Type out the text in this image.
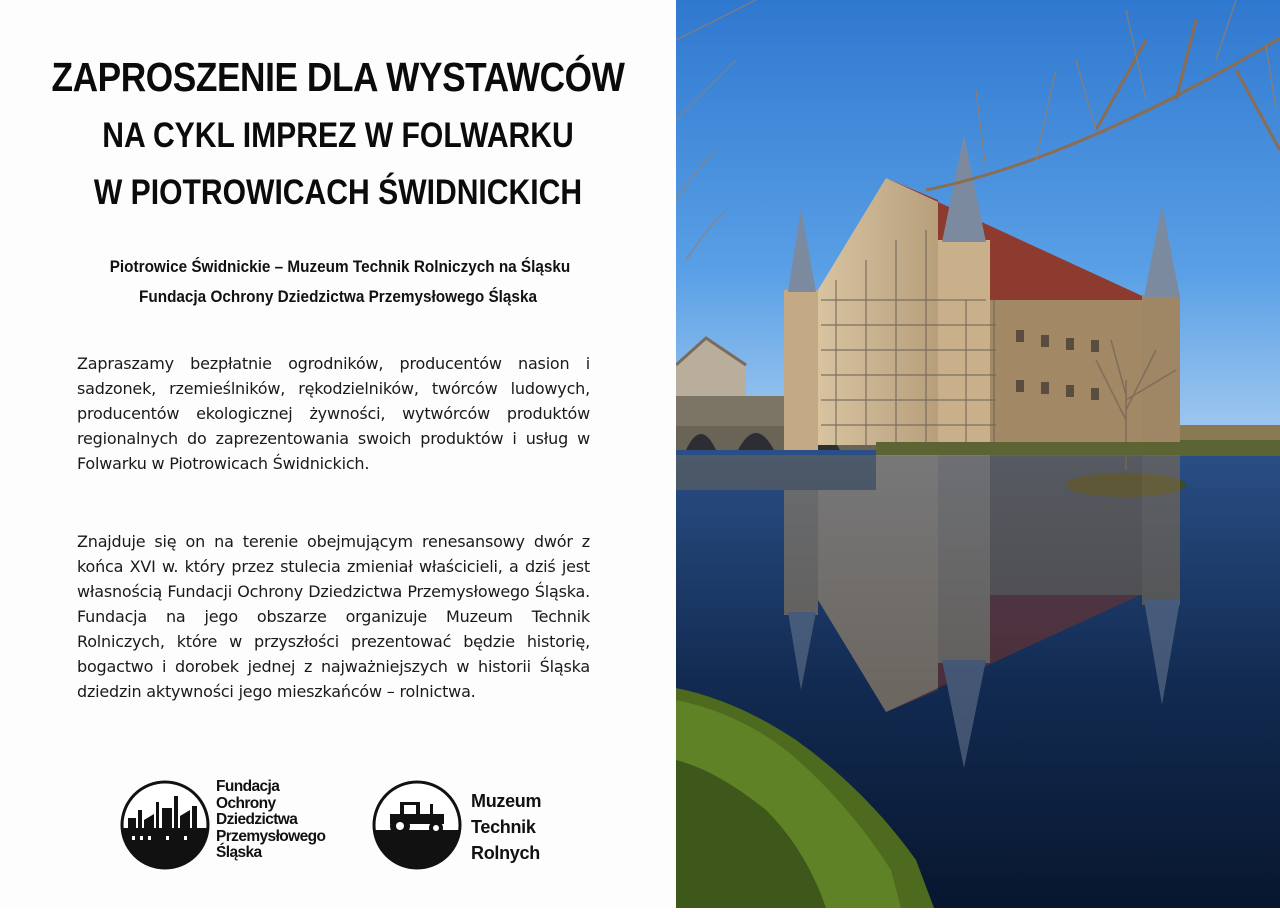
ZAPROSZENIE DLA WYSTAWCÓW
NA CYKL IMPREZ W FOLWARKU
W PIOTROWICACH ŚWIDNICKICH
Piotrowice Świdnickie – Muzeum Technik Rolniczych na Śląsku
Fundacja Ochrony Dziedzictwa Przemysłowego Śląska

Zapraszamy bezpłatnie ogrodników, producentów nasion i sadzonek, rzemieślników, rękodzielników, twórców ludowych, producentów ekologicznej żywności, wytwórców produktów regionalnych do zaprezentowania swoich produktów i usług w Folwarku w Piotrowicach Świdnickich.

Znajduje się on na terenie obejmującym renesansowy dwór z końca XVI w. który przez stulecia zmieniał właścicieli, a dziś jest własnością Fundacji Ochrony Dziedzictwa Przemysłowego Śląska. Fundacja na jego obszarze organizuje Muzeum Technik Rolniczych, które w przyszłości prezentować będzie historię, bogactwo i dorobek jednej z najważniejszych w historii Śląska dziedzin aktywności jego mieszkańców – rolnictwa.

Fundacja
Ochrony
Dziedzictwa
Przemysłowego
Śląska
Muzeum
Technik
Rolnych
